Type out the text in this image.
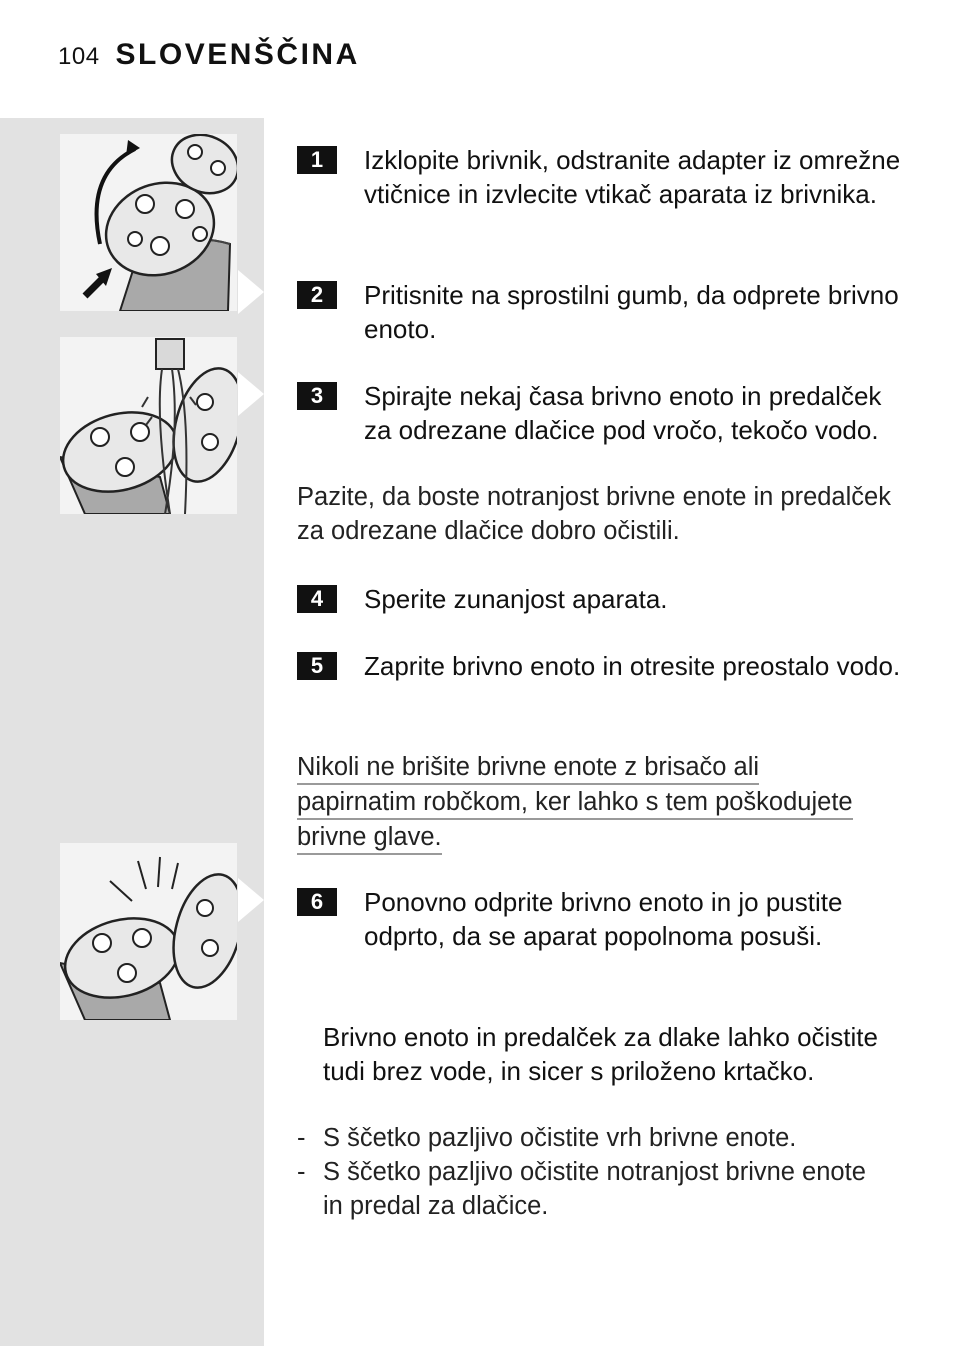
104 SLOVENŠČINA
1	Izklopite brivnik, odstranite adapter iz omrežne vtičnice in izvlecite vtikač aparata iz brivnika.
2	Pritisnite na sprostilni gumb, da odprete brivno enoto.
3	Spirajte nekaj časa brivno enoto in predalček za odrezane dlačice pod vročo, tekočo vodo.
Pazite, da boste notranjost brivne enote in predalček za odrezane dlačice dobro očistili.
4	Sperite zunanjost aparata.
5	Zaprite brivno enoto in otresite preostalo vodo.
Nikoli ne brišite brivne enote z brisačo ali
papirnatim robčkom, ker lahko s tem poškodujete
brivne glave.
6	Ponovno odprite brivno enoto in jo pustite odprto, da se aparat popolnoma posuši.
Brivno enoto in predalček za dlake lahko očistite tudi brez vode, in sicer s priloženo krtačko.
- S ščetko pazljivo očistite vrh brivne enote.
- S ščetko pazljivo očistite notranjost brivne enote in predal za dlačice.
